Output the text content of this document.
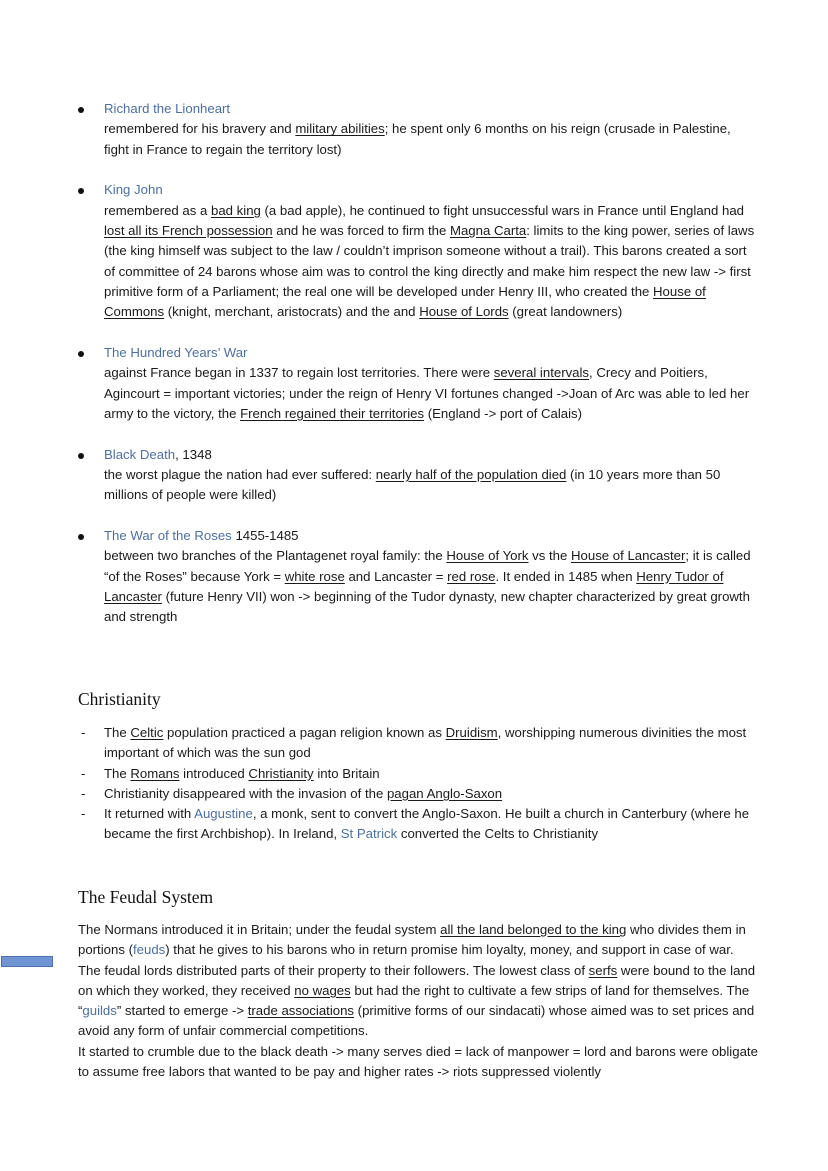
Richard the Lionheart
remembered for his bravery and military abilities; he spent only 6 months on his reign (crusade in Palestine, fight in France to regain the territory lost)
King John
remembered as a bad king (a bad apple), he continued to fight unsuccessful wars in France until England had lost all its French possession and he was forced to firm the Magna Carta: limits to the king power, series of laws (the king himself was subject to the law / couldn’t imprison someone without a trail). This barons created a sort of committee of 24 barons whose aim was to control the king directly and make him respect the new law -> first primitive form of a Parliament; the real one will be developed under Henry III, who created the House of Commons (knight, merchant, aristocrats) and the and House of Lords (great landowners)
The Hundred Years’ War
against France began in 1337 to regain lost territories. There were several intervals, Crecy and Poitiers, Agincourt = important victories; under the reign of Henry VI fortunes changed ->Joan of Arc was able to led her army to the victory, the French regained their territories (England -> port of Calais)
Black Death, 1348
the worst plague the nation had ever suffered: nearly half of the population died (in 10 years more than 50 millions of people were killed)
The War of the Roses 1455-1485
between two branches of the Plantagenet royal family: the House of York vs the House of Lancaster; it is called “of the Roses” because York = white rose and Lancaster = red rose. It ended in 1485 when Henry Tudor of Lancaster (future Henry VII) won -> beginning of the Tudor dynasty, new chapter characterized by great growth and strength
Christianity
- The Celtic population practiced a pagan religion known as Druidism, worshipping numerous divinities the most important of which was the sun god
- The Romans introduced Christianity into Britain
- Christianity disappeared with the invasion of the pagan Anglo-Saxon
- It returned with Augustine, a monk, sent to convert the Anglo-Saxon. He built a church in Canterbury (where he became the first Archbishop). In Ireland, St Patrick converted the Celts to Christianity
The Feudal System
The Normans introduced it in Britain; under the feudal system all the land belonged to the king who divides them in portions (feuds) that he gives to his barons who in return promise him loyalty, money, and support in case of war. The feudal lords distributed parts of their property to their followers. The lowest class of serfs were bound to the land on which they worked, they received no wages but had the right to cultivate a few strips of land for themselves. The “guilds” started to emerge -> trade associations (primitive forms of our sindacati) whose aimed was to set prices and avoid any form of unfair commercial competitions.
It started to crumble due to the black death -> many serves died = lack of manpower = lord and barons were obligate to assume free labors that wanted to be pay and higher rates -> riots suppressed violently
